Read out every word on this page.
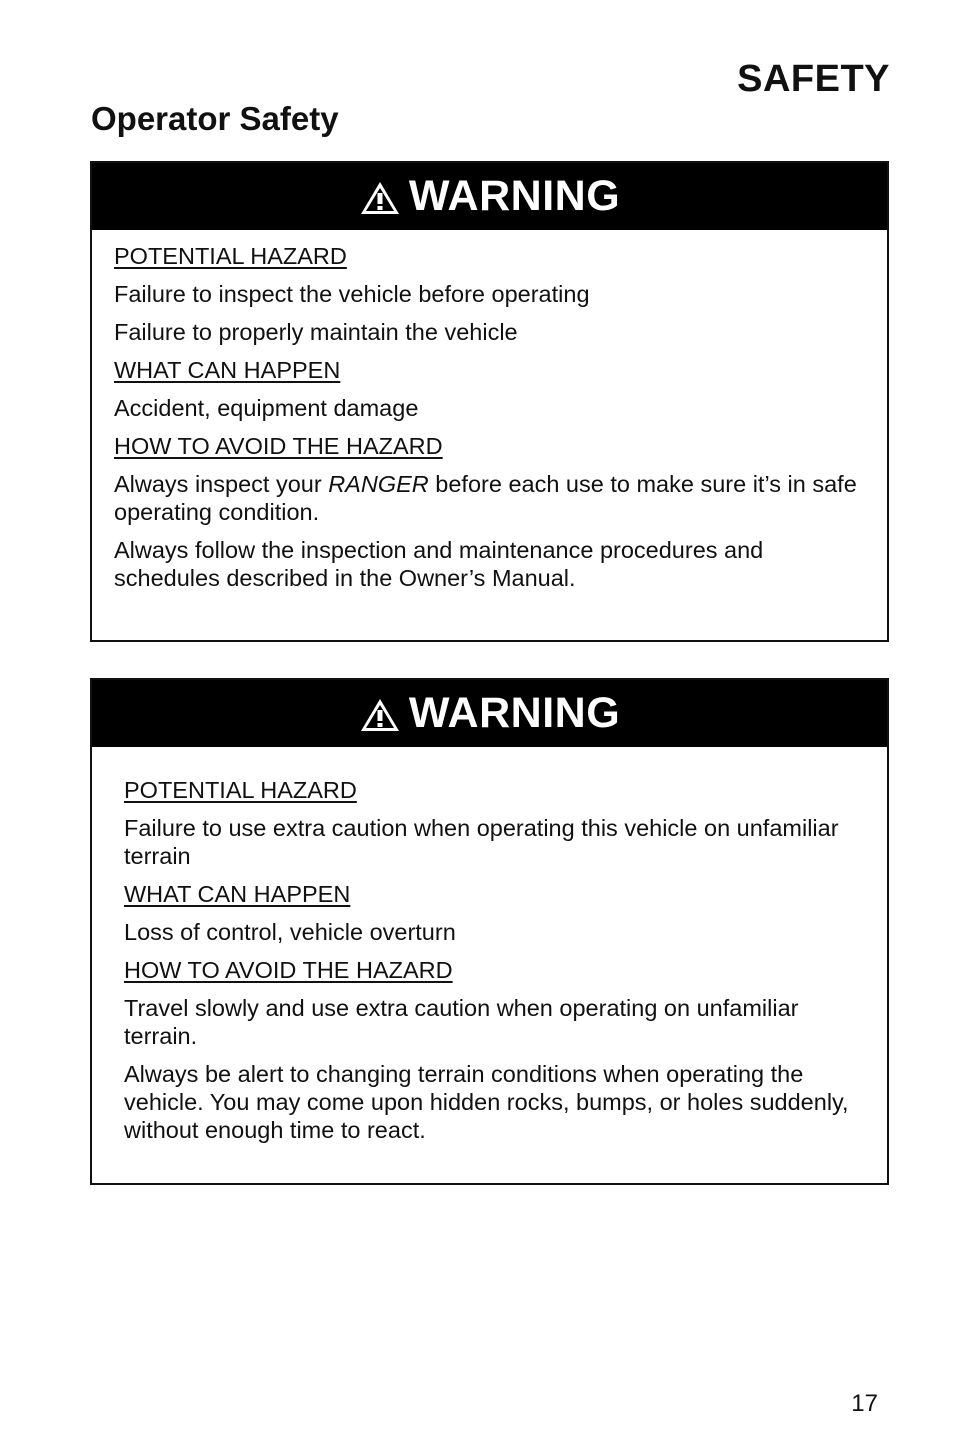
SAFETY
Operator Safety
WARNING

POTENTIAL HAZARD

Failure to inspect the vehicle before operating

Failure to properly maintain the vehicle

WHAT CAN HAPPEN

Accident, equipment damage

HOW TO AVOID THE HAZARD

Always inspect your RANGER before each use to make sure it’s in safe operating condition.

Always follow the inspection and maintenance procedures and schedules described in the Owner’s Manual.

WARNING

POTENTIAL HAZARD

Failure to use extra caution when operating this vehicle on unfamiliar terrain

WHAT CAN HAPPEN

Loss of control, vehicle overturn

HOW TO AVOID THE HAZARD

Travel slowly and use extra caution when operating on unfamiliar terrain.

Always be alert to changing terrain conditions when operating the vehicle. You may come upon hidden rocks, bumps, or holes suddenly, without enough time to react.

17
